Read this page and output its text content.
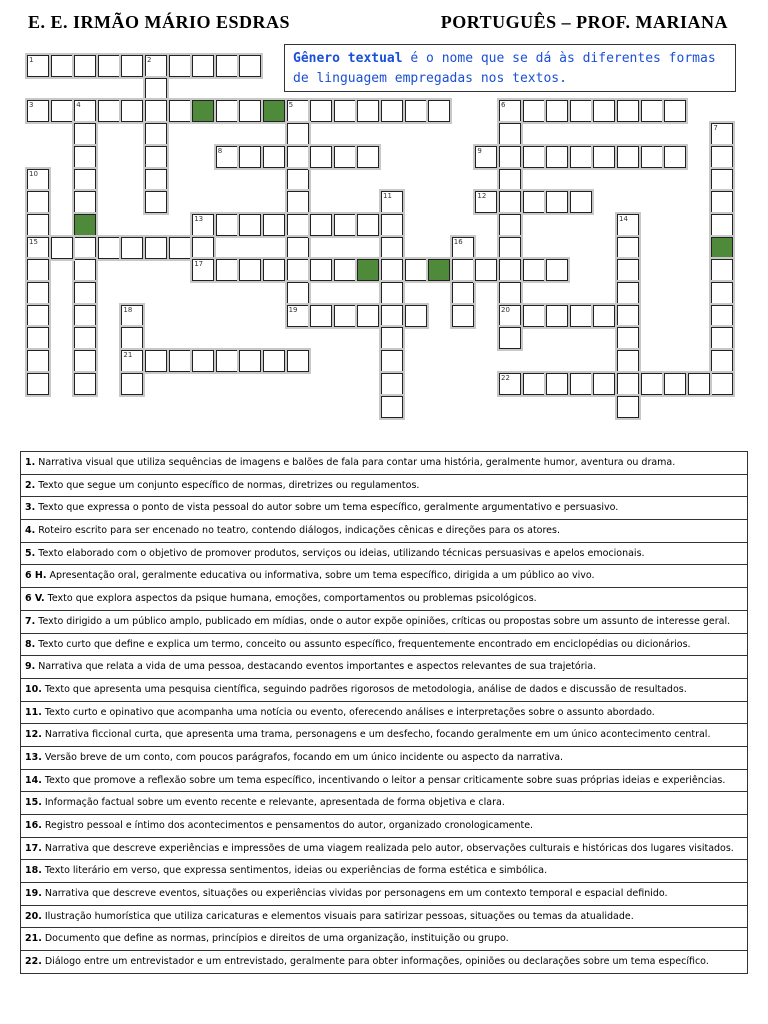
E. E. IRMÃO MÁRIO ESDRAS	PORTUGUÊS – PROF. MARIANA
1	2
3	4	5	6
20
7
8	9
10
15
11	12
13	14
16
17
18
21
19
22
Gênero textual é o nome que se dá às diferentes formas de linguagem empregadas nos textos.
1. Narrativa visual que utiliza sequências de imagens e balões de fala para contar uma história, geralmente humor, aventura ou drama.
2. Texto que segue um conjunto específico de normas, diretrizes ou regulamentos.
3. Texto que expressa o ponto de vista pessoal do autor sobre um tema específico, geralmente argumentativo e persuasivo.
4. Roteiro escrito para ser encenado no teatro, contendo diálogos, indicações cênicas e direções para os atores.
5. Texto elaborado com o objetivo de promover produtos, serviços ou ideias, utilizando técnicas persuasivas e apelos emocionais.
6 H. Apresentação oral, geralmente educativa ou informativa, sobre um tema específico, dirigida a um público ao vivo.
6 V. Texto que explora aspectos da psique humana, emoções, comportamentos ou problemas psicológicos.
7. Texto dirigido a um público amplo, publicado em mídias, onde o autor expõe opiniões, críticas ou propostas sobre um assunto de interesse geral.
8. Texto curto que define e explica um termo, conceito ou assunto específico, frequentemente encontrado em enciclopédias ou dicionários.
9. Narrativa que relata a vida de uma pessoa, destacando eventos importantes e aspectos relevantes de sua trajetória.
10. Texto que apresenta uma pesquisa científica, seguindo padrões rigorosos de metodologia, análise de dados e discussão de resultados.
11. Texto curto e opinativo que acompanha uma notícia ou evento, oferecendo análises e interpretações sobre o assunto abordado.
12. Narrativa ficcional curta, que apresenta uma trama, personagens e um desfecho, focando geralmente em um único acontecimento central.
13. Versão breve de um conto, com poucos parágrafos, focando em um único incidente ou aspecto da narrativa.
14. Texto que promove a reflexão sobre um tema específico, incentivando o leitor a pensar criticamente sobre suas próprias ideias e experiências.
15. Informação factual sobre um evento recente e relevante, apresentada de forma objetiva e clara.
16. Registro pessoal e íntimo dos acontecimentos e pensamentos do autor, organizado cronologicamente.
17. Narrativa que descreve experiências e impressões de uma viagem realizada pelo autor, observações culturais e históricas dos lugares visitados.
18. Texto literário em verso, que expressa sentimentos, ideias ou experiências de forma estética e simbólica.
19. Narrativa que descreve eventos, situações ou experiências vividas por personagens em um contexto temporal e espacial definido.
20. Ilustração humorística que utiliza caricaturas e elementos visuais para satirizar pessoas, situações ou temas da atualidade.
21. Documento que define as normas, princípios e direitos de uma organização, instituição ou grupo.
22. Diálogo entre um entrevistador e um entrevistado, geralmente para obter informações, opiniões ou declarações sobre um tema específico.
